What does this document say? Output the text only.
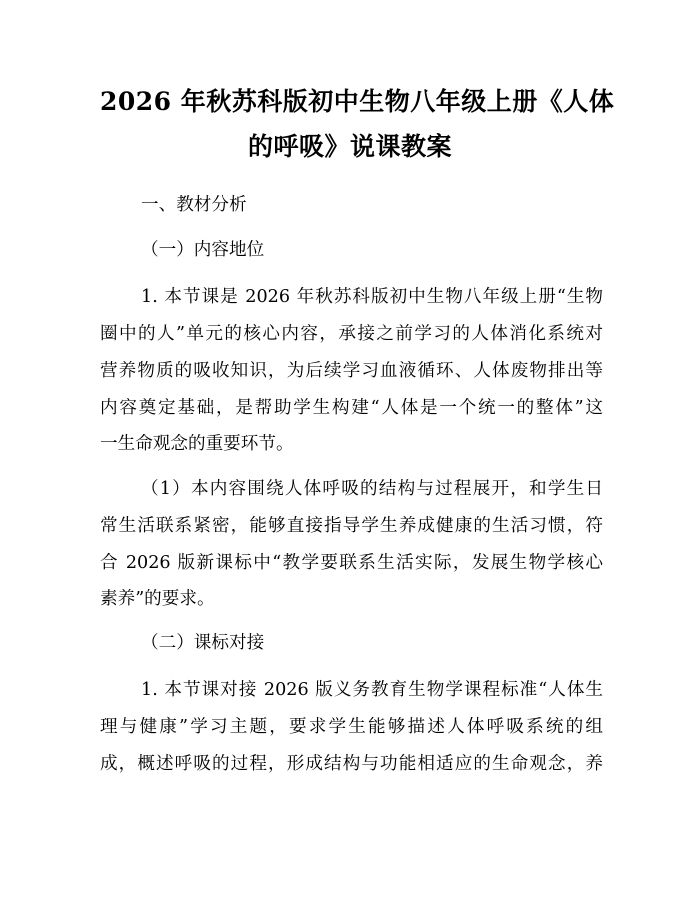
2026 年秋苏科版初中生物八年级上册《人体
的呼吸》说课教案
一、教材分析
（一）内容地位
1. 本节课是 2026 年秋苏科版初中生物八年级上册“生物
圈中的人”单元的核心内容，承接之前学习的人体消化系统对
营养物质的吸收知识，为后续学习血液循环、人体废物排出等
内容奠定基础，是帮助学生构建“人体是一个统一的整体”这
一生命观念的重要环节。
（1）本内容围绕人体呼吸的结构与过程展开，和学生日
常生活联系紧密，能够直接指导学生养成健康的生活习惯，符
合 2026 版新课标中“教学要联系生活实际，发展生物学核心
素养”的要求。
（二）课标对接
1. 本节课对接 2026 版义务教育生物学课程标准“人体生
理与健康”学习主题，要求学生能够描述人体呼吸系统的组
成，概述呼吸的过程，形成结构与功能相适应的生命观念，养
